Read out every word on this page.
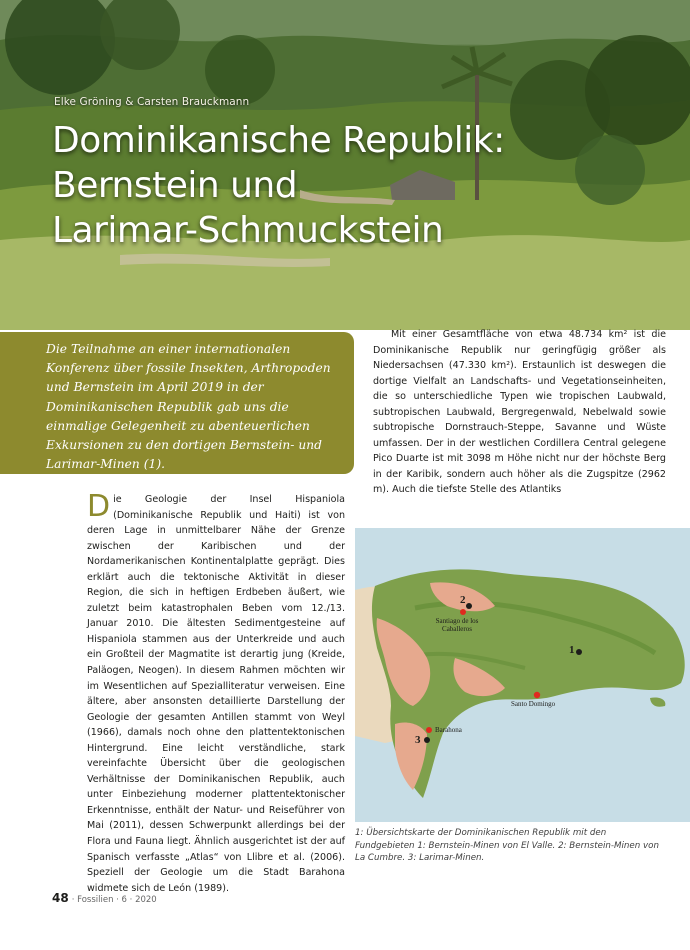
Elke Gröning & Carsten Brauckmann
Dominikanische Republik:
Bernstein und
Larimar-Schmuckstein

Die Teilnahme an einer internationalen Konferenz über fossile Insekten, Arthropoden und Bernstein im April 2019 in der Dominikanischen Republik gab uns die einmalige Gelegenheit zu abenteuerlichen Exkursionen zu den dortigen Bernstein- und Larimar-Minen (1).

Mit einer Gesamtfläche von etwa 48.734 km² ist die Dominikanische Republik nur geringfügig größer als Niedersachsen (47.330 km²). Erstaunlich ist deswegen die dortige Vielfalt an Landschafts- und Vegetationseinheiten, die so unterschiedliche Typen wie tropischen Laubwald, subtropischen Laubwald, Bergregenwald, Nebelwald sowie subtropische Dornstrauch-Steppe, Savanne und Wüste umfassen. Der in der westlichen Cordillera Central gelegene Pico Duarte ist mit 3098 m Höhe nicht nur der höchste Berg in der Karibik, sondern auch höher als die Zugspitze (2962 m). Auch die tiefste Stelle des Atlantiks

Die Geologie der Insel Hispaniola (Dominikanische Republik und Haiti) ist von deren Lage in unmittelbarer Nähe der Grenze zwischen der Karibischen und der Nordamerikanischen Kontinentalplatte geprägt. Dies erklärt auch die tektonische Aktivität in dieser Region, die sich in heftigen Erdbeben äußert, wie zuletzt beim katastrophalen Beben vom 12./13. Januar 2010. Die ältesten Sedimentgesteine auf Hispaniola stammen aus der Unterkreide und auch ein Großteil der Magmatite ist derartig jung (Kreide, Paläogen, Neogen). In diesem Rahmen möchten wir im Wesentlichen auf Spezialliteratur verweisen. Eine ältere, aber ansonsten detaillierte Darstellung der Geologie der gesamten Antillen stammt von Weyl (1966), damals noch ohne den plattentektonischen Hintergrund. Eine leicht verständliche, stark vereinfachte Übersicht über die geologischen Verhältnisse der Dominikanischen Republik, auch unter Einbeziehung moderner plattentektonischer Erkenntnisse, enthält der Natur- und Reiseführer von Mai (2011), dessen Schwerpunkt allerdings bei der Flora und Fauna liegt. Ähnlich ausgerichtet ist der auf Spanisch verfasste „Atlas“ von Llibre et al. (2006). Speziell der Geologie um die Stadt Barahona widmete sich de León (1989).

2
Santiago de los Caballeros
1
Santo Domingo
Barahona
3

1: Übersichtskarte der Dominikanischen Republik mit den Fundgebieten 1: Bernstein-Minen von El Valle. 2: Bernstein-Minen von La Cumbre. 3: Larimar-Minen.

48 · Fossilien · 6 · 2020
